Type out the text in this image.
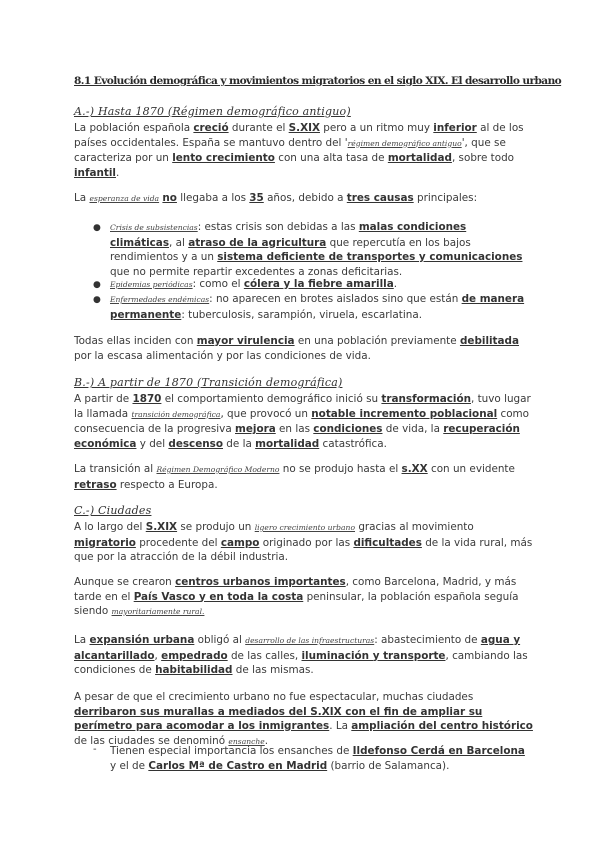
8.1 Evolución demográfica y movimientos migratorios en el siglo XIX. El desarrollo urbano
A.-) Hasta 1870 (Régimen demográfico antiguo)
La población española creció durante el S.XIX pero a un ritmo muy inferior al de los países occidentales. España se mantuvo dentro del 'régimen demográfico antiguo', que se caracteriza por un lento crecimiento con una alta tasa de mortalidad, sobre todo infantil.
La esperanza de vida no llegaba a los 35 años, debido a tres causas principales:
● Crisis de subsistencias: estas crisis son debidas a las malas condiciones climáticas, al atraso de la agricultura que repercutía en los bajos rendimientos y a un sistema deficiente de transportes y comunicaciones que no permite repartir excedentes a zonas deficitarias.
● Epidemias periódicas: como el cólera y la fiebre amarilla.
● Enfermedades endémicas: no aparecen en brotes aislados sino que están de manera permanente: tuberculosis, sarampión, viruela, escarlatina.
Todas ellas inciden con mayor virulencia en una población previamente debilitada por la escasa alimentación y por las condiciones de vida.
B.-) A partir de 1870 (Transición demográfica)
A partir de 1870 el comportamiento demográfico inició su transformación, tuvo lugar la llamada transición demográfica, que provocó un notable incremento poblacional como consecuencia de la progresiva mejora en las condiciones de vida, la recuperación económica y del descenso de la mortalidad catastrófica.
La transición al Régimen Demográfico Moderno no se produjo hasta el s.XX con un evidente retraso respecto a Europa.
C.-) Ciudades
A lo largo del S.XIX se produjo un ligero crecimiento urbano gracias al movimiento migratorio procedente del campo originado por las dificultades de la vida rural, más que por la atracción de la débil industria.
Aunque se crearon centros urbanos importantes, como Barcelona, Madrid, y más tarde en el País Vasco y en toda la costa peninsular, la población española seguía siendo mayoritariamente rural.
La expansión urbana obligó al desarrollo de las infraestructuras: abastecimiento de agua y alcantarillado, empedrado de las calles, iluminación y transporte, cambiando las condiciones de habitabilidad de las mismas.
A pesar de que el crecimiento urbano no fue espectacular, muchas ciudades derribaron sus murallas a mediados del S.XIX con el fin de ampliar su perímetro para acomodar a los inmigrantes. La ampliación del centro histórico de las ciudades se denominó ensanche.
- Tienen especial importancia los ensanches de Ildefonso Cerdá en Barcelona y el de Carlos Mª de Castro en Madrid (barrio de Salamanca).
